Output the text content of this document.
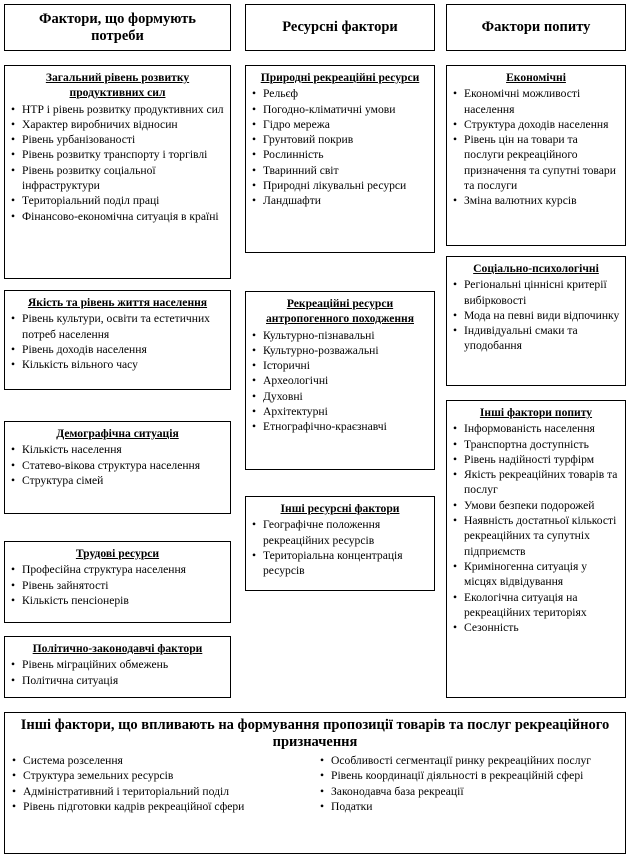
Фактори, що формують потреби
Ресурсні фактори	Фактори попиту
Загальний рівень розвитку продуктивних сил
• НТР і рівень розвитку продуктивних сил
• Характер виробничих відносин
• Рівень урбанізованості
• Рівень розвитку транспорту і торгівлі
• Рівень розвитку соціальної інфраструктури
• Територіальний поділ праці
• Фінансово-економічна ситуація в країні
Якість та рівень життя населення
• Рівень культури, освіти та естетичних потреб населення
• Рівень доходів населення
• Кількість вільного часу
Демографічна ситуація
• Кількість населення
• Статево-вікова структура населення
• Структура сімей
Трудові ресурси
• Професійна структура населення
• Рівень зайнятості
• Кількість пенсіонерів
Політично-законодавчі фактори
• Рівень міграційних обмежень
• Політична ситуація
Природні рекреаційні ресурси
• Рельєф
• Погодно-кліматичні умови
• Гідро мережа
• Грунтовий покрив
• Рослинність
• Тваринний світ
• Природні лікувальні ресурси
• Ландшафти
Рекреаційні ресурси антропогенного походження
• Культурно-пізнавальні
• Культурно-розважальні
• Історичні
• Археологічні
• Духовні
• Архітектурні
• Етнографічно-краєзнавчі
Інші ресурсні фактори
• Географічне положення рекреаційних ресурсів
• Територіальна концентрація ресурсів
Економічні
• Економічні можливості населення
• Структура доходів населення
• Рівень цін на товари та послуги рекреаційного призначення та супутні товари та послуги
• Зміна валютних курсів
Соціально-психологічні
• Регіональні ціннісні критерії вибірковості
• Мода на певні види відпочинку
• Індивідуальні смаки та уподобання
Інші фактори попиту
• Інформованість населення
• Транспортна доступність
• Рівень надійності турфірм
• Якість рекреаційних товарів та послуг
• Умови безпеки подорожей
• Наявність достатньої кількості рекреаційних та супутніх підприємств
• Криміногенна ситуація у місцях відвідування
• Екологічна ситуація на рекреаційних територіях
• Сезонність
Інші фактори, що впливають на формування пропозиції товарів та послуг рекреаційного призначення
• Система розселення
• Структура земельних ресурсів
• Адміністративний і територіальний поділ
• Рівень підготовки кадрів рекреаційної сфери
• Особливості сегментації ринку рекреаційних послуг
• Рівень координації діяльності в рекреаційній сфері
• Законодавча база рекреації
• Податки
